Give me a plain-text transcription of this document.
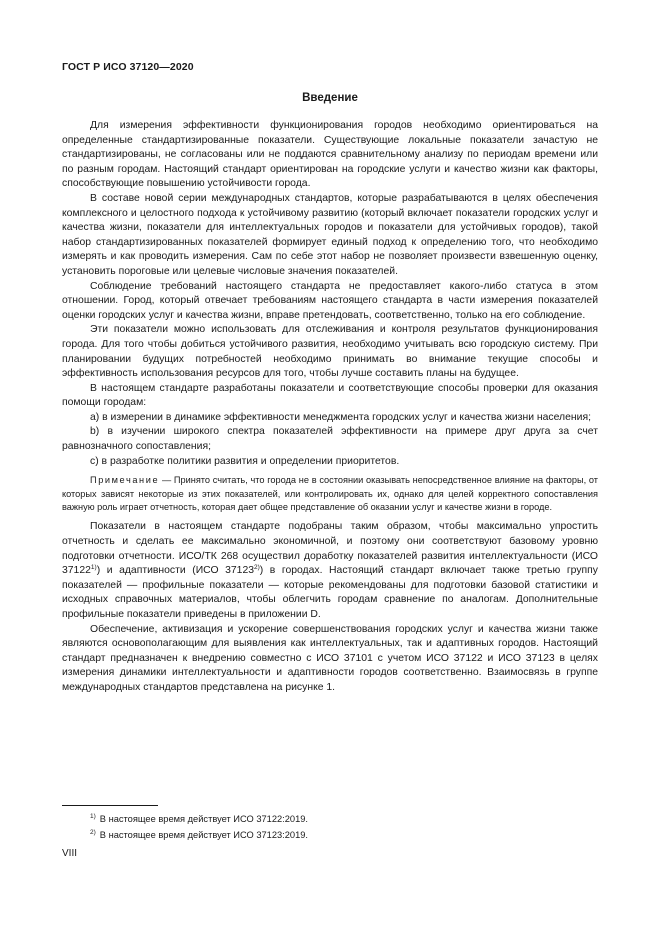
ГОСТ Р ИСО 37120—2020
Введение

Для измерения эффективности функционирования городов необходимо ориентироваться на определенные стандартизированные показатели. Существующие локальные показатели зачастую не стандартизированы, не согласованы или не поддаются сравнительному анализу по периодам времени или по разным городам. Настоящий стандарт ориентирован на городские услуги и качество жизни как факторы, способствующие повышению устойчивости города.

В составе новой серии международных стандартов, которые разрабатываются в целях обеспечения комплексного и целостного подхода к устойчивому развитию (который включает показатели городских услуг и качества жизни, показатели для интеллектуальных городов и показатели для устойчивых городов), такой набор стандартизированных показателей формирует единый подход к определению того, что необходимо измерять и как проводить измерения. Сам по себе этот набор не позволяет произвести взвешенную оценку, установить пороговые или целевые числовые значения показателей.

Соблюдение требований настоящего стандарта не предоставляет какого-либо статуса в этом отношении. Город, который отвечает требованиям настоящего стандарта в части измерения показателей оценки городских услуг и качества жизни, вправе претендовать, соответственно, только на его соблюдение.

Эти показатели можно использовать для отслеживания и контроля результатов функционирования города. Для того чтобы добиться устойчивого развития, необходимо учитывать всю городскую систему. При планировании будущих потребностей необходимо принимать во внимание текущие способы и эффективность использования ресурсов для того, чтобы лучше составить планы на будущее.

В настоящем стандарте разработаны показатели и соответствующие способы проверки для оказания помощи городам:

a) в измерении в динамике эффективности менеджмента городских услуг и качества жизни населения;

b) в изучении широкого спектра показателей эффективности на примере друг друга за счет равнозначного сопоставления;

c) в разработке политики развития и определении приоритетов.

Примечание — Принято считать, что города не в состоянии оказывать непосредственное влияние на факторы, от которых зависят некоторые из этих показателей, или контролировать их, однако для целей корректного сопоставления важную роль играет отчетность, которая дает общее представление об оказании услуг и качестве жизни в городе.

Показатели в настоящем стандарте подобраны таким образом, чтобы максимально упростить отчетность и сделать ее максимально экономичной, и поэтому они соответствуют базовому уровню подготовки отчетности. ИСО/ТК 268 осуществил доработку показателей развития интеллектуальности (ИСО 37122$^{1)}$) и адаптивности (ИСО 37123$^{2)}$) в городах. Настоящий стандарт включает также третью группу показателей — профильные показатели — которые рекомендованы для подготовки базовой статистики и исходных справочных материалов, чтобы облегчить городам сравнение по аналогам. Дополнительные профильные показатели приведены в приложении D.

Обеспечение, активизация и ускорение совершенствования городских услуг и качества жизни также являются основополагающим для выявления как интеллектуальных, так и адаптивных городов. Настоящий стандарт предназначен к внедрению совместно с ИСО 37101 с учетом ИСО 37122 и ИСО 37123 в целях измерения динамики интеллектуальности и адаптивности городов соответственно. Взаимосвязь в группе международных стандартов представлена на рисунке 1.

$^{1)}$ В настоящее время действует ИСО 37122:2019.
$^{2)}$ В настоящее время действует ИСО 37123:2019.
VIII
